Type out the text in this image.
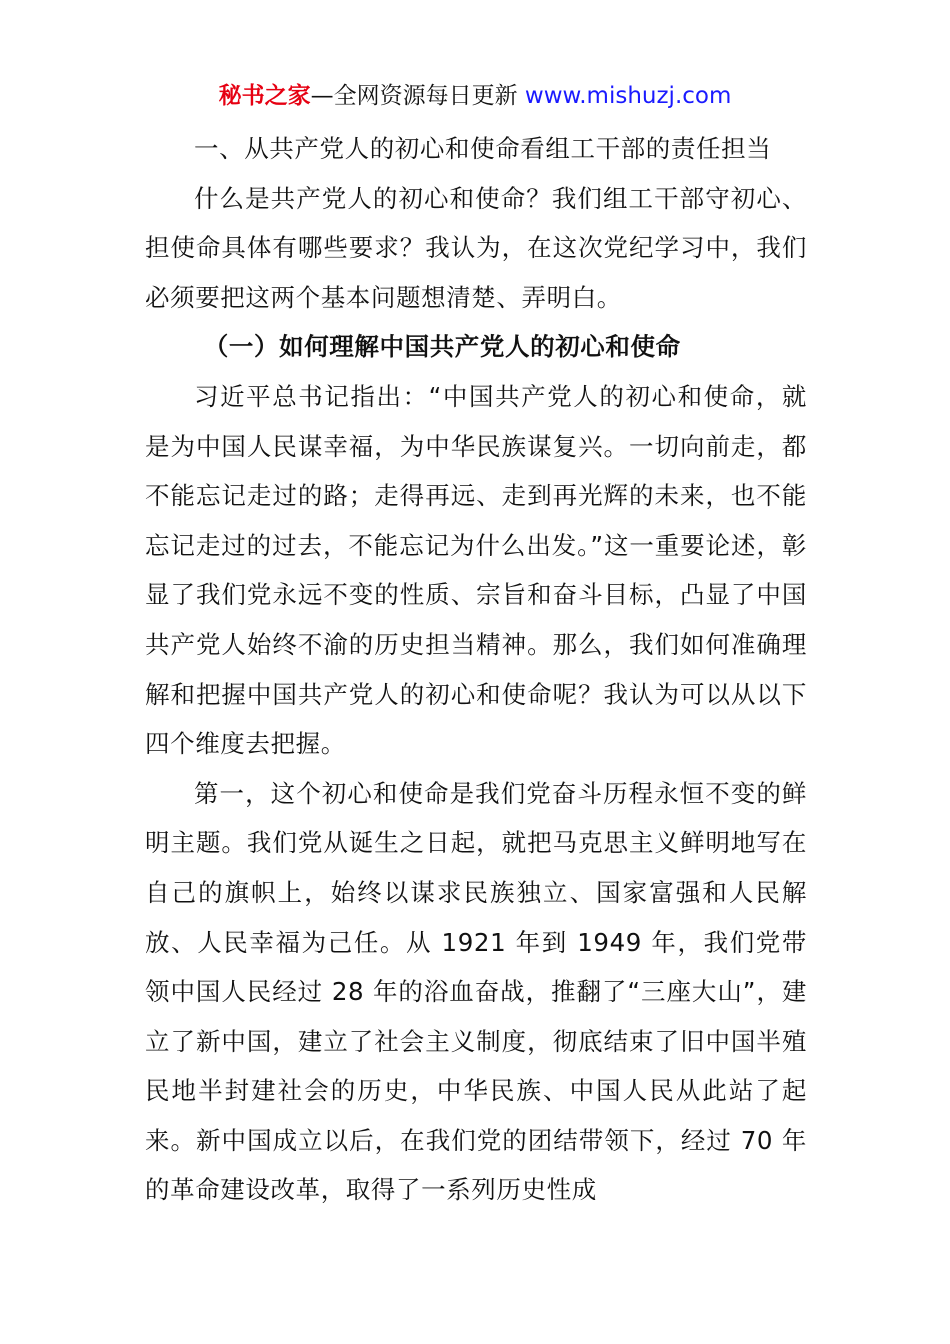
秘书之家—全网资源每日更新 www.mishuzj.com

一、从共产党人的初心和使命看组工干部的责任担当

什么是共产党人的初心和使命？我们组工干部守初心、担使命具体有哪些要求？我认为，在这次党纪学习中，我们必须要把这两个基本问题想清楚、弄明白。

（一）如何理解中国共产党人的初心和使命

习近平总书记指出：“中国共产党人的初心和使命，就是为中国人民谋幸福，为中华民族谋复兴。一切向前走，都不能忘记走过的路；走得再远、走到再光辉的未来，也不能忘记走过的过去，不能忘记为什么出发。”这一重要论述，彰显了我们党永远不变的性质、宗旨和奋斗目标，凸显了中国共产党人始终不渝的历史担当精神。那么，我们如何准确理解和把握中国共产党人的初心和使命呢？我认为可以从以下四个维度去把握。

第一，这个初心和使命是我们党奋斗历程永恒不变的鲜明主题。我们党从诞生之日起，就把马克思主义鲜明地写在自己的旗帜上，始终以谋求民族独立、国家富强和人民解放、人民幸福为己任。从 1921 年到 1949 年，我们党带领中国人民经过 28 年的浴血奋战，推翻了“三座大山”，建立了新中国，建立了社会主义制度，彻底结束了旧中国半殖民地半封建社会的历史，中华民族、中国人民从此站了起来。新中国成立以后，在我们党的团结带领下，经过 70 年的革命建设改革，取得了一系列历史性成
